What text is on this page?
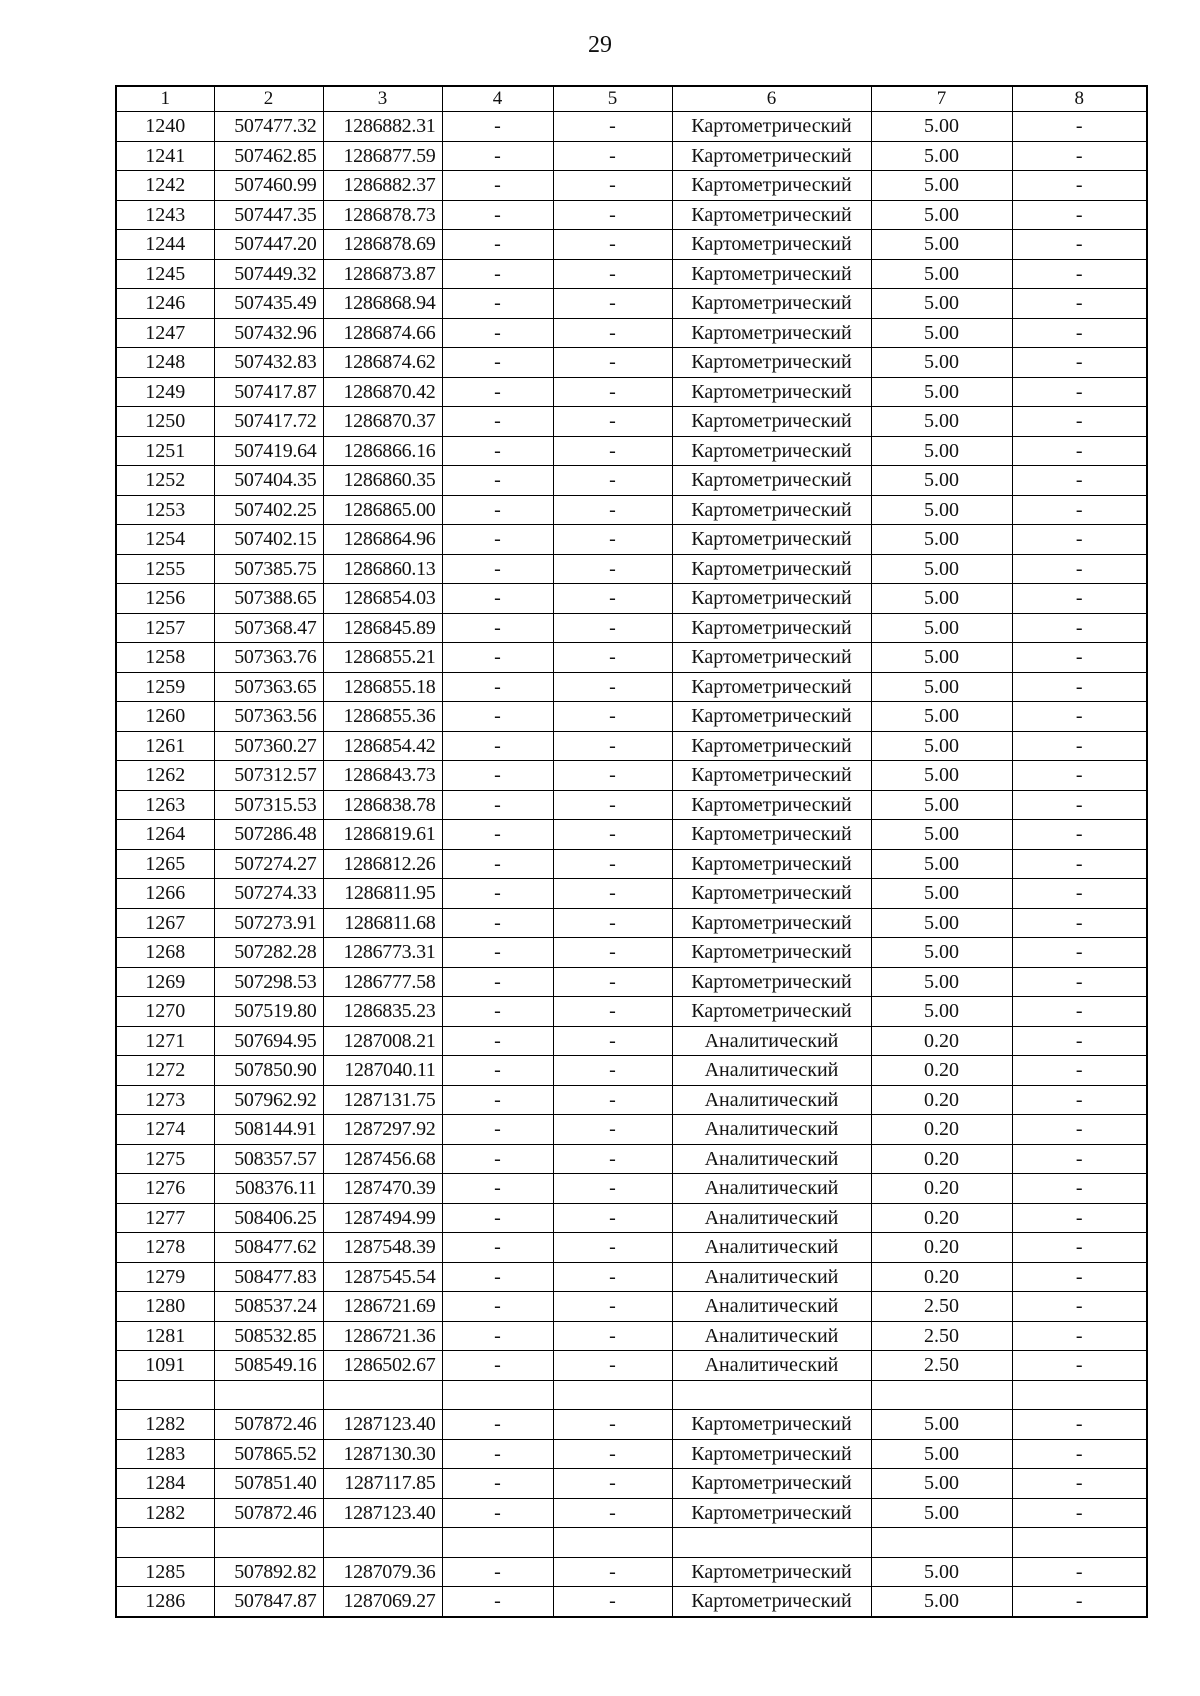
29
1	2	3	4	5	6	7	8
1240	507477.32	1286882.31	-	-	Картометрический	5.00	-
1241	507462.85	1286877.59	-	-	Картометрический	5.00	-
1242	507460.99	1286882.37	-	-	Картометрический	5.00	-
1243	507447.35	1286878.73	-	-	Картометрический	5.00	-
1244	507447.20	1286878.69	-	-	Картометрический	5.00	-
1245	507449.32	1286873.87	-	-	Картометрический	5.00	-
1246	507435.49	1286868.94	-	-	Картометрический	5.00	-
1247	507432.96	1286874.66	-	-	Картометрический	5.00	-
1248	507432.83	1286874.62	-	-	Картометрический	5.00	-
1249	507417.87	1286870.42	-	-	Картометрический	5.00	-
1250	507417.72	1286870.37	-	-	Картометрический	5.00	-
1251	507419.64	1286866.16	-	-	Картометрический	5.00	-
1252	507404.35	1286860.35	-	-	Картометрический	5.00	-
1253	507402.25	1286865.00	-	-	Картометрический	5.00	-
1254	507402.15	1286864.96	-	-	Картометрический	5.00	-
1255	507385.75	1286860.13	-	-	Картометрический	5.00	-
1256	507388.65	1286854.03	-	-	Картометрический	5.00	-
1257	507368.47	1286845.89	-	-	Картометрический	5.00	-
1258	507363.76	1286855.21	-	-	Картометрический	5.00	-
1259	507363.65	1286855.18	-	-	Картометрический	5.00	-
1260	507363.56	1286855.36	-	-	Картометрический	5.00	-
1261	507360.27	1286854.42	-	-	Картометрический	5.00	-
1262	507312.57	1286843.73	-	-	Картометрический	5.00	-
1263	507315.53	1286838.78	-	-	Картометрический	5.00	-
1264	507286.48	1286819.61	-	-	Картометрический	5.00	-
1265	507274.27	1286812.26	-	-	Картометрический	5.00	-
1266	507274.33	1286811.95	-	-	Картометрический	5.00	-
1267	507273.91	1286811.68	-	-	Картометрический	5.00	-
1268	507282.28	1286773.31	-	-	Картометрический	5.00	-
1269	507298.53	1286777.58	-	-	Картометрический	5.00	-
1270	507519.80	1286835.23	-	-	Картометрический	5.00	-
1271	507694.95	1287008.21	-	-	Аналитический	0.20	-
1272	507850.90	1287040.11	-	-	Аналитический	0.20	-
1273	507962.92	1287131.75	-	-	Аналитический	0.20	-
1274	508144.91	1287297.92	-	-	Аналитический	0.20	-
1275	508357.57	1287456.68	-	-	Аналитический	0.20	-
1276	508376.11	1287470.39	-	-	Аналитический	0.20	-
1277	508406.25	1287494.99	-	-	Аналитический	0.20	-
1278	508477.62	1287548.39	-	-	Аналитический	0.20	-
1279	508477.83	1287545.54	-	-	Аналитический	0.20	-
1280	508537.24	1286721.69	-	-	Аналитический	2.50	-
1281	508532.85	1286721.36	-	-	Аналитический	2.50	-
1091	508549.16	1286502.67	-	-	Аналитический	2.50	-

1282	507872.46	1287123.40	-	-	Картометрический	5.00	-
1283	507865.52	1287130.30	-	-	Картометрический	5.00	-
1284	507851.40	1287117.85	-	-	Картометрический	5.00	-
1282	507872.46	1287123.40	-	-	Картометрический	5.00	-

1285	507892.82	1287079.36	-	-	Картометрический	5.00	-
1286	507847.87	1287069.27	-	-	Картометрический	5.00	-
